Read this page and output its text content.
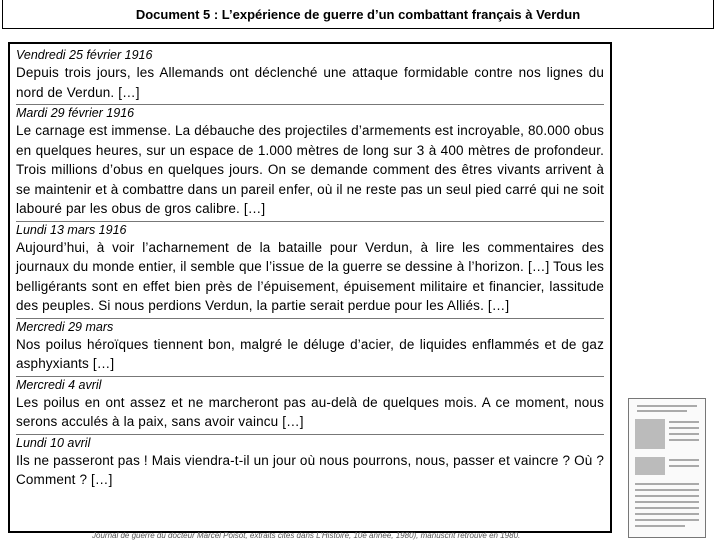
Document 5 : L’expérience de guerre d’un combattant français à Verdun
Vendredi 25 février 1916
Depuis trois jours, les Allemands ont déclenché une attaque formidable contre nos lignes du nord de Verdun. […]
Mardi 29 février 1916
Le carnage est immense. La débauche des projectiles d’armements est incroyable, 80.000 obus en quelques heures, sur un espace de 1.000 mètres de long sur 3 à 400 mètres de profondeur. Trois millions d’obus en quelques jours. On se demande comment des êtres vivants arrivent à se maintenir et à combattre dans un pareil enfer, où il ne reste pas un seul pied carré qui ne soit labouré par les obus de gros calibre. […]
Lundi 13 mars 1916
Aujourd’hui, à voir l’acharnement de la bataille pour Verdun, à lire les commentaires des journaux du monde entier, il semble que l’issue de la guerre se dessine à l’horizon. […] Tous les belligérants sont en effet bien près de l’épuisement, épuisement militaire et financier, lassitude des peuples. Si nous perdions Verdun, la partie serait perdue pour les Alliés. […]
Mercredi 29 mars
Nos poilus héroïques tiennent bon, malgré le déluge d’acier, de liquides enflammés et de gaz asphyxiants […]
Mercredi 4 avril
Les poilus en ont assez et ne marcheront pas au-delà de quelques mois. A ce moment, nous serons acculés à la paix, sans avoir vaincu […]
Lundi 10 avril
Ils ne passeront pas ! Mais viendra-t-il un jour où nous pourrons, nous, passer et vaincre ? Où ? Comment ? […]
Journal de guerre du docteur Marcel Poisot, extraits cités dans L’Histoire, 10e année, 1980), manuscrit retrouvé en 1980.
